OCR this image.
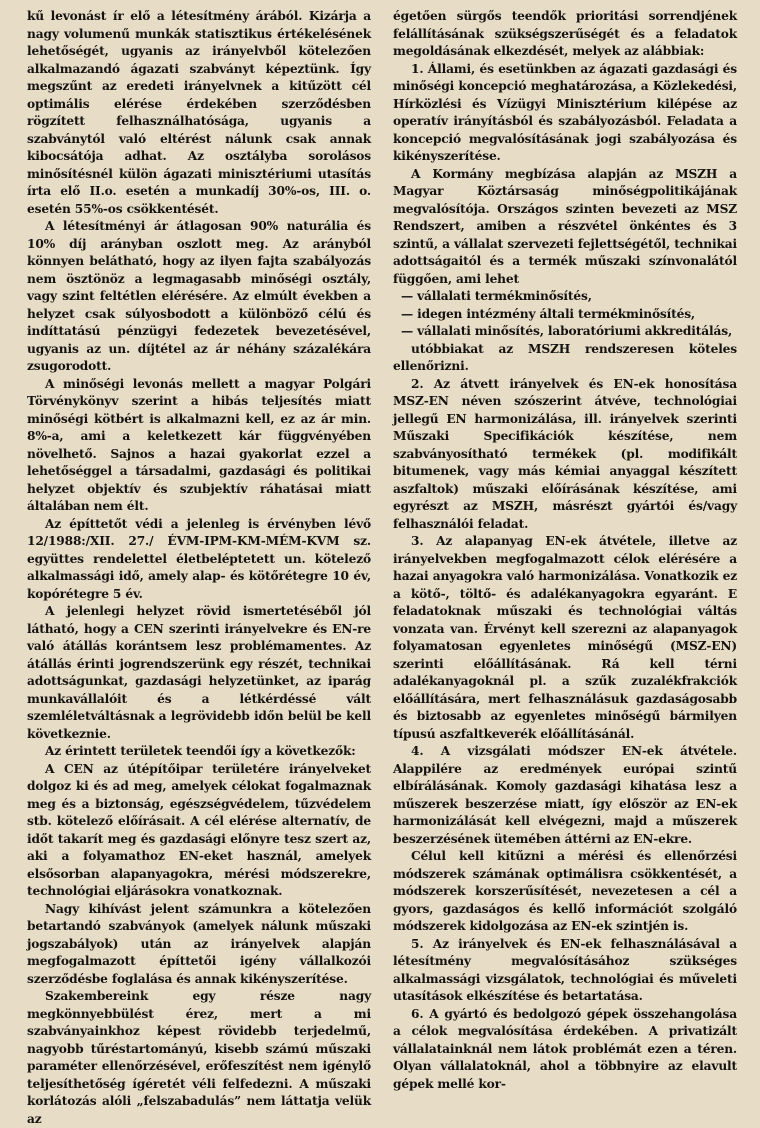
kű levonást ír elő a létesítmény árából. Kizárja a nagy volumenű munkák statisztikus értékelésének lehetőségét, ugyanis az irányelvből kötelezően alkalmazandó ágazati szabványt képeztünk. Így megszűnt az eredeti irányelvnek a kitűzött cél optimális elérése érdekében szerződésben rögzített felhasználhatósága, ugyanis a szabványtól való eltérést nálunk csak annak kibocsátója adhat. Az osztályba sorolásos minősítésnél külön ágazati minisztériumi utasítás írta elő II.o. esetén a munkadíj 30%-os, III. o. esetén 55%-os csökkentését.

A létesítményi ár átlagosan 90% naturália és 10% díj arányban oszlott meg. Az arányból könnyen belátható, hogy az ilyen fajta szabályozás nem ösztönöz a legmagasabb minőségi osztály, vagy szint feltétlen elérésére. Az elmúlt években a helyzet csak súlyosbodott a különböző célú és indíttatású pénzügyi fedezetek bevezetésével, ugyanis az un. díjtétel az ár néhány százalékára zsugorodott.

A minőségi levonás mellett a magyar Polgári Törvénykönyv szerint a hibás teljesítés miatt minőségi kötbért is alkalmazni kell, ez az ár min. 8%-a, ami a keletkezett kár függvényében növelhető. Sajnos a hazai gyakorlat ezzel a lehetőséggel a társadalmi, gazdasági és politikai helyzet objektív és szubjektív ráhatásai miatt általában nem élt.

Az építtetőt védi a jelenleg is érvényben lévő 12/1988:/XII. 27./ ÉVM-IPM-KM-MÉM-KVM sz. együttes rendelettel életbeléptetett un. kötelező alkalmassági idő, amely alap- és kötőrétegre 10 év, kopórétegre 5 év.

A jelenlegi helyzet rövid ismertetéséből jól látható, hogy a CEN szerinti irányelvekre és EN-re való átállás korántsem lesz problémamentes. Az átállás érinti jogrendszerünk egy részét, technikai adottságunkat, gazdasági helyzetünket, az iparág munkavállalóit és a létkérdéssé vált szemléletváltásnak a legrövidebb időn belül be kell következnie.

Az érintett területek teendői így a következők:

A CEN az útépítőipar területére irányelveket dolgoz ki és ad meg, amelyek célokat fogalmaznak meg és a biztonság, egészségvédelem, tűzvédelem stb. kötelező előírásait. A cél elérése alternatív, de időt takarít meg és gazdasági előnyre tesz szert az, aki a folyamathoz EN-eket használ, amelyek elsősorban alapanyagokra, mérési módszerekre, technológiai eljárásokra vonatkoznak.

Nagy kihívást jelent számunkra a kötelezően betartandó szabványok (amelyek nálunk műszaki jogszabályok) után az irányelvek alapján megfogalmazott építtetői igény vállalkozói szerződésbe foglalása és annak kikényszerítése.

Szakembereink egy része nagy megkönnyebbülést érez, mert a mi szabványainkhoz képest rövidebb terjedelmű, nagyobb tűréstartományú, kisebb számú műszaki paraméter ellenőrzésével, erőfeszítést nem igénylő teljesíthetőség ígéretét véli felfedezni. A műszaki korlátozás alóli „felszabadulás” nem láttatja velük az

égetően sürgős teendők prioritási sorrendjének felállításának szükségszerűségét és a feladatok megoldásának elkezdését, melyek az alábbiak:

1. Állami, és esetünkben az ágazati gazdasági és minőségi koncepció meghatározása, a Közlekedési, Hírközlési és Vízügyi Minisztérium kilépése az operatív irányításból és szabályozásból. Feladata a koncepció megvalósításának jogi szabályozása és kikényszerítése.

A Kormány megbízása alapján az MSZH a Magyar Köztársaság minőségpolitikájának megvalósítója. Országos szinten bevezeti az MSZ Rendszert, amiben a részvétel önkéntes és 3 szintű, a vállalat szervezeti fejlettségétől, technikai adottságaitól és a termék műszaki színvonalától függően, ami lehet

— vállalati termékminősítés,

— idegen intézmény általi termékminősítés,

— vállalati minősítés, laboratóriumi akkreditálás,

utóbbiakat az MSZH rendszeresen köteles ellenőrizni.

2. Az átvett irányelvek és EN-ek honosítása MSZ-EN néven szószerint átvéve, technológiai jellegű EN harmonizálása, ill. irányelvek szerinti Műszaki Specifikációk készítése, nem szabványosítható termékek (pl. modifikált bitumenek, vagy más kémiai anyaggal készített aszfaltok) műszaki előírásának készítése, ami egyrészt az MSZH, másrészt gyártói és/vagy felhasználói feladat.

3. Az alapanyag EN-ek átvétele, illetve az irányelvekben megfogalmazott célok elérésére a hazai anyagokra való harmonizálása. Vonatkozik ez a kötő-, töltő- és adalékanyagokra egyaránt. E feladatoknak műszaki és technológiai váltás vonzata van. Érvényt kell szerezni az alapanyagok folyamatosan egyenletes minőségű (MSZ-EN) szerinti előállításának. Rá kell térni adalékanyagoknál pl. a szűk zuzalékfrakciók előállítására, mert felhasználásuk gazdaságosabb és biztosabb az egyenletes minőségű bármilyen típusú aszfaltkeverék előállításánál.

4. A vizsgálati módszer EN-ek átvétele. Alappilére az eredmények európai szintű elbírálásának. Komoly gazdasági kihatása lesz a műszerek beszerzése miatt, így először az EN-ek harmonizálását kell elvégezni, majd a műszerek beszerzésének ütemében áttérni az EN-ekre.

Célul kell kitűzni a mérési és ellenőrzési módszerek számának optimálisra csökkentését, a módszerek korszerűsítését, nevezetesen a cél a gyors, gazdaságos és kellő információt szolgáló módszerek kidolgozása az EN-ek szintjén is.

5. Az irányelvek és EN-ek felhasználásával a létesítmény megvalósításához szükséges alkalmassági vizsgálatok, technológiai és műveleti utasítások elkészítése és betartatása.

6. A gyártó és bedolgozó gépek összehangolása a célok megvalósítása érdekében. A privatizált vállalatainknál nem látok problémát ezen a téren. Olyan vállalatoknál, ahol a többnyire az elavult gépek mellé kor-
